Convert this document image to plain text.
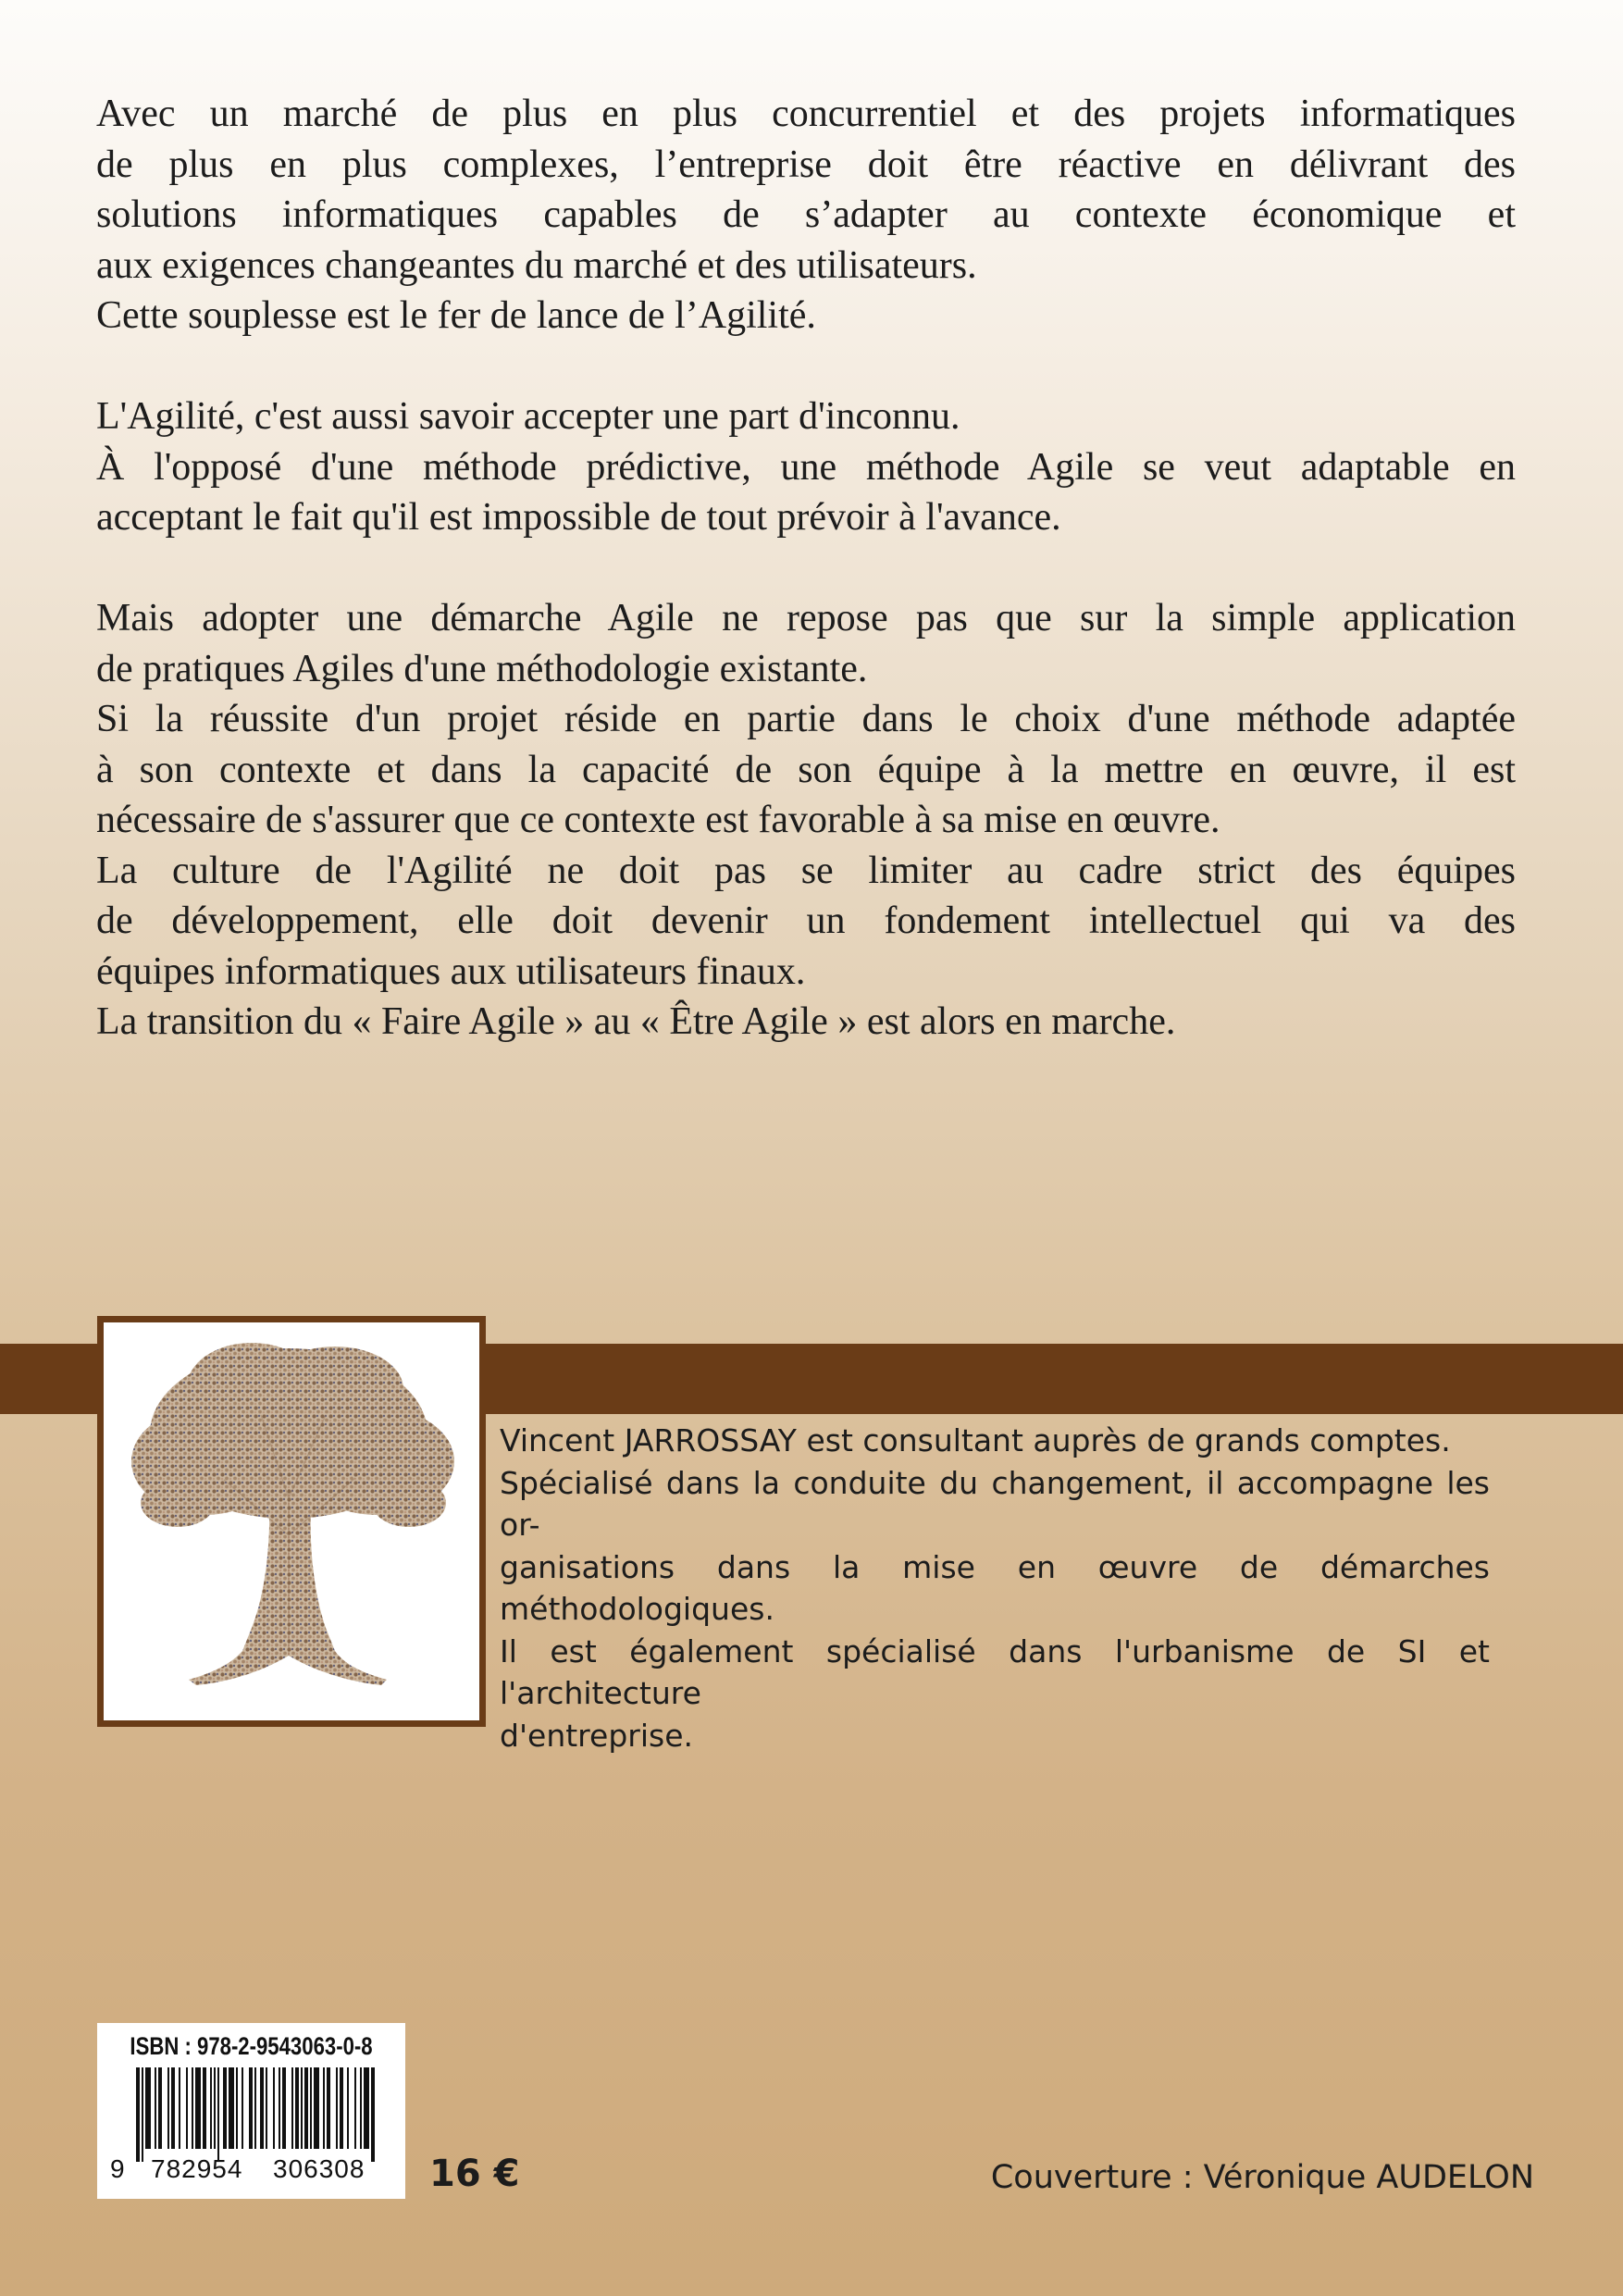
Avec un marché de plus en plus concurrentiel et des projets informatiques

de plus en plus complexes, l’entreprise doit être réactive en délivrant des

solutions informatiques capables de s’adapter au contexte économique et

aux exigences changeantes du marché et des utilisateurs.

Cette souplesse est le fer de lance de l’Agilité.

L'Agilité, c'est aussi savoir accepter une part d'inconnu.

À l'opposé d'une méthode prédictive, une méthode Agile se veut adaptable en

acceptant le fait qu'il est impossible de tout prévoir à l'avance.

Mais adopter une démarche Agile ne repose pas que sur la simple application

de pratiques Agiles d'une méthodologie existante.

Si la réussite d'un projet réside en partie dans le choix d'une méthode adaptée

à son contexte et dans la capacité de son équipe à la mettre en œuvre, il est

nécessaire de s'assurer que ce contexte est favorable à sa mise en œuvre.

La culture de l'Agilité ne doit pas se limiter au cadre strict des équipes

de développement, elle doit devenir un fondement intellectuel qui va des

équipes informatiques aux utilisateurs finaux.

La transition du « Faire Agile » au « Être Agile » est alors en marche.

Vincent JARROSSAY est consultant auprès de grands comptes.

Spécialisé dans la conduite du changement, il accompagne les or-

ganisations dans la mise en œuvre de démarches méthodologiques.

Il est également spécialisé dans l'urbanisme de SI et l'architecture

d'entreprise.

ISBN : 978-2-9543063-0-8
9 782954 306308 16 €	Couverture : Véronique AUDELON
